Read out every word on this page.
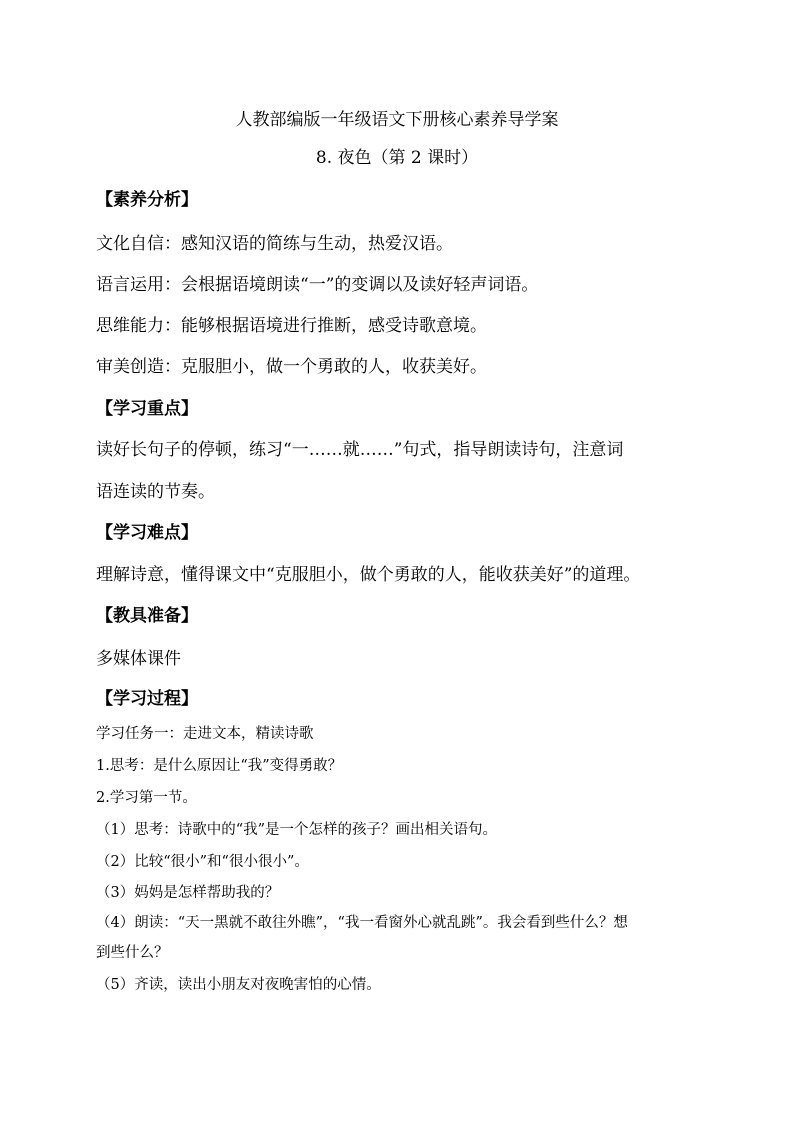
人教部编版一年级语文下册核心素养导学案
8. 夜色（第 2 课时）
【素养分析】
文化自信：感知汉语的简练与生动，热爱汉语。
语言运用：会根据语境朗读“一”的变调以及读好轻声词语。
思维能力：能够根据语境进行推断，感受诗歌意境。
审美创造：克服胆小，做一个勇敢的人，收获美好。
【学习重点】
读好长句子的停顿，练习“一……就……”句式，指导朗读诗句，注意词
语连读的节奏。
【学习难点】
理解诗意，懂得课文中“克服胆小，做个勇敢的人，能收获美好”的道理。
【教具准备】
多媒体课件
【学习过程】
学习任务一：走进文本，精读诗歌
1.思考：是什么原因让“我”变得勇敢？
2.学习第一节。
（1）思考：诗歌中的“我”是一个怎样的孩子？画出相关语句。
（2）比较“很小”和“很小很小”。
（3）妈妈是怎样帮助我的？
（4）朗读：“天一黑就不敢往外瞧”，“我一看窗外心就乱跳”。我会看到些什么？想
到些什么？
（5）齐读，读出小朋友对夜晚害怕的心情。
